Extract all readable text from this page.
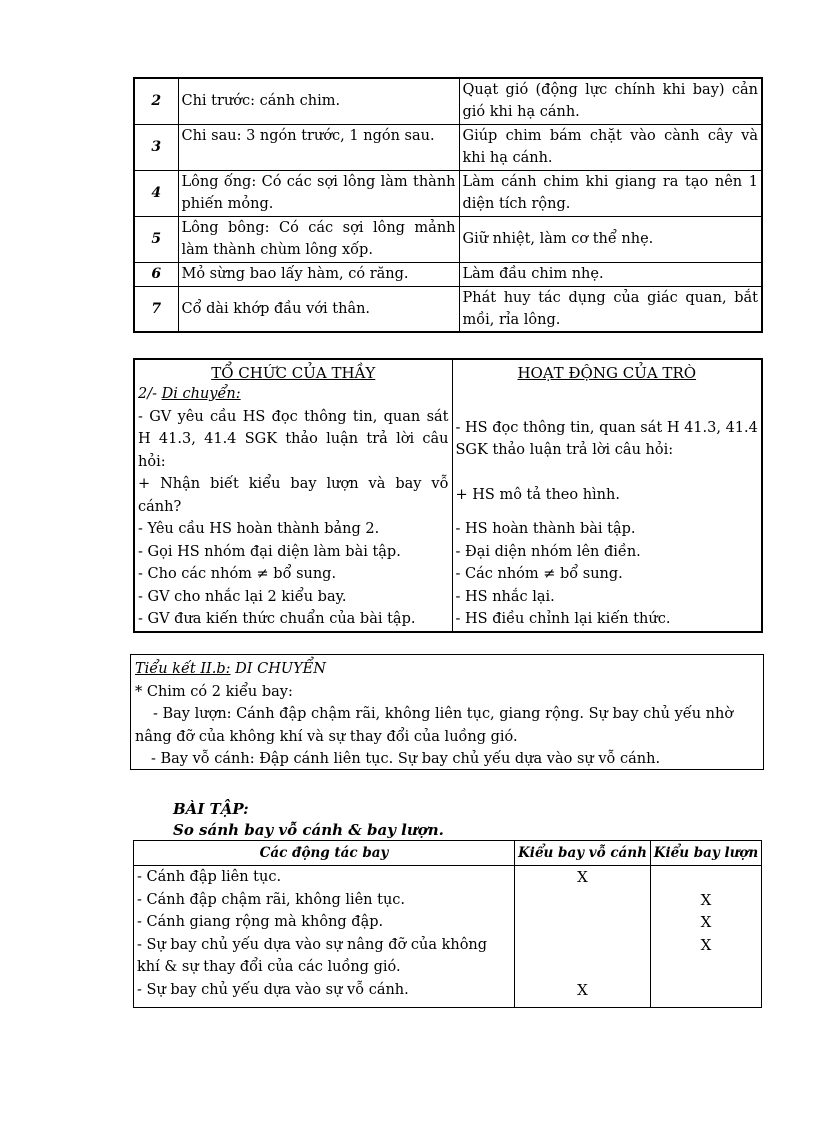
2	Chi trước: cánh chim.	Quạt gió (động lực chính khi bay) cản gió khi hạ cánh.
3	Chi sau: 3 ngón trước, 1 ngón sau.	Giúp chim bám chặt vào cành cây và khi hạ cánh.
4	Lông ống: Có các sợi lông làm thành phiến mỏng.	Làm cánh chim khi giang ra tạo nên 1 diện tích rộng.
5	Lông bông: Có các sợi lông mảnh làm thành chùm lông xốp.	Giữ nhiệt, làm cơ thể nhẹ.
6	Mỏ sừng bao lấy hàm, có răng.	Làm đầu chim nhẹ.
7	Cổ dài khớp đầu với thân.	Phát huy tác dụng của giác quan, bắt mồi, rỉa lông.
TỔ CHỨC CỦA THẦY	HOẠT ĐỘNG CỦA TRÒ
2/- Di chuyển:	
- GV yêu cầu HS đọc thông tin, quan sát H 41.3, 41.4 SGK thảo luận trả lời câu hỏi:	- HS đọc thông tin, quan sát H 41.3, 41.4 SGK thảo luận trả lời câu hỏi:
+ Nhận biết kiểu bay lượn và bay vỗ cánh?	+ HS mô tả theo hình.
- Yêu cầu HS hoàn thành bảng 2.	- HS hoàn thành bài tập.
- Gọi HS nhóm đại diện làm bài tập.	- Đại diện nhóm lên điền.
- Cho các nhóm ≠ bổ sung.	- Các nhóm ≠ bổ sung.
- GV cho nhắc lại 2 kiểu bay.	- HS nhắc lại.
- GV đưa kiến thức chuẩn của bài tập.	- HS điều chỉnh lại kiến thức.
Tiểu kết II.b: DI CHUYỂN
* Chim có 2 kiểu bay:
- Bay lượn: Cánh đập chậm rãi, không liên tục, giang rộng. Sự bay chủ yếu nhờ
nâng đỡ của không khí và sự thay đổi của luồng gió.
- Bay vỗ cánh: Đập cánh liên tục. Sự bay chủ yếu dựa vào sự vỗ cánh.
BÀI TẬP:
So sánh bay vỗ cánh & bay lượn.
Các động tác bay	Kiểu bay vỗ cánh	Kiểu bay lượn
- Cánh đập liên tục.	X	
- Cánh đập chậm rãi, không liên tục.		X
- Cánh giang rộng mà không đập.		X
- Sự bay chủ yếu dựa vào sự nâng đỡ của không khí & sự thay đổi của các luồng gió.		X
- Sự bay chủ yếu dựa vào sự vỗ cánh.	X	
